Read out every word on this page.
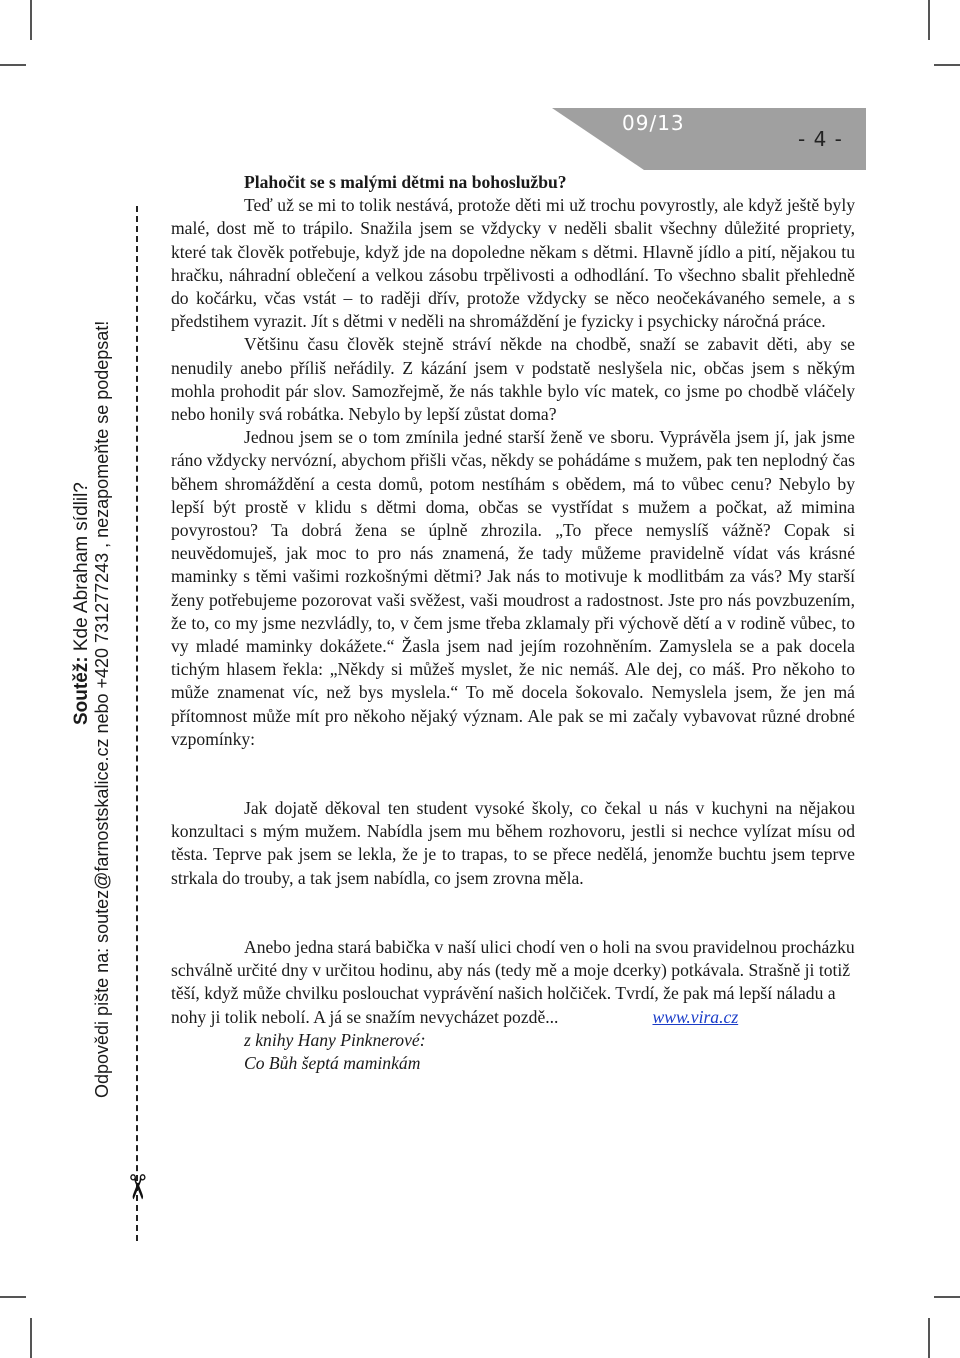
09/13
- 4 -
✂
Soutěž: Kde Abraham sídlil? Odpovědi pište na: soutez@farnostskalice.cz nebo +420 731277243 , nezapomeňte se podepsat!

Plahočit se s malými dětmi na bohoslužbu?

Teď už se mi to tolik nestává, protože děti mi už trochu povyrostly, ale když ještě byly malé, dost mě to trápilo. Snažila jsem se vždycky v neděli sbalit všechny důležité propriety, které tak člověk potřebuje, když jde na dopoledne někam s dětmi. Hlavně jídlo a pití, nějakou tu hračku, náhradní oblečení a velkou zásobu trpělivosti a odhodlání. To všechno sbalit přehledně do kočárku, včas vstát – to raději dřív, protože vždycky se něco neočekávaného semele, a s předstihem vyrazit. Jít s dětmi v neděli na shromáždění je fyzicky i psychicky náročná práce.

Většinu času člověk stejně stráví někde na chodbě, snaží se zabavit děti, aby se nenudily anebo příliš neřádily. Z kázání jsem v podstatě neslyšela nic, občas jsem s někým mohla prohodit pár slov. Samozřejmě, že nás takhle bylo víc matek, co jsme po chodbě vláčely nebo honily svá robátka. Nebylo by lepší zůstat doma?

Jednou jsem se o tom zmínila jedné starší ženě ve sboru. Vyprávěla jsem jí, jak jsme ráno vždycky nervózní, abychom přišli včas, někdy se pohádáme s mužem, pak ten neplodný čas během shromáždění a cesta domů, potom nestíhám s obědem, má to vůbec cenu? Nebylo by lepší být prostě v klidu s dětmi doma, občas se vystřídat s mužem a počkat, až mimina povyrostou? Ta dobrá žena se úplně zhrozila. „To přece nemyslíš vážně? Copak si neuvědomuješ, jak moc to pro nás znamená, že tady můžeme pravidelně vídat vás krásné maminky s těmi vašimi rozkošnými dětmi? Jak nás to motivuje k modlitbám za vás? My starší ženy potřebujeme pozorovat vaši svěžest, vaši moudrost a radostnost. Jste pro nás povzbuzením, že to, co my jsme nezvládly, to, v čem jsme třeba zklamaly při výchově dětí a v rodině vůbec, to vy mladé maminky dokážete.“ Žasla jsem nad jejím rozohněním. Zamyslela se a pak docela tichým hlasem řekla: „Někdy si můžeš myslet, že nic nemáš. Ale dej, co máš. Pro někoho to může znamenat víc, než bys myslela.“ To mě docela šokovalo. Nemyslela jsem, že jen má přítomnost může mít pro někoho nějaký význam. Ale pak se mi začaly vybavovat různé drobné vzpomínky:

Jak dojatě děkoval ten student vysoké školy, co čekal u nás v kuchyni na nějakou konzultaci s mým mužem. Nabídla jsem mu během rozhovoru, jestli si nechce vylízat mísu od těsta. Teprve pak jsem se lekla, že je to trapas, to se přece nedělá, jenomže buchtu jsem teprve strkala do trouby, a tak jsem nabídla, co jsem zrovna měla.

Anebo jedna stará babička v naší ulici chodí ven o holi na svou pravidelnou procházku schválně určité dny v určitou hodinu, aby nás (tedy mě a moje dcerky) potkávala. Strašně ji totiž těší, když může chvilku poslouchat vyprávění našich holčiček. Tvrdí, že pak má lepší náladu a nohy ji tolik nebolí. A já se snažím nevycházet pozdě...	www.vira.cz

z knihy Hany Pinknerové:

Co Bůh šeptá maminkám
